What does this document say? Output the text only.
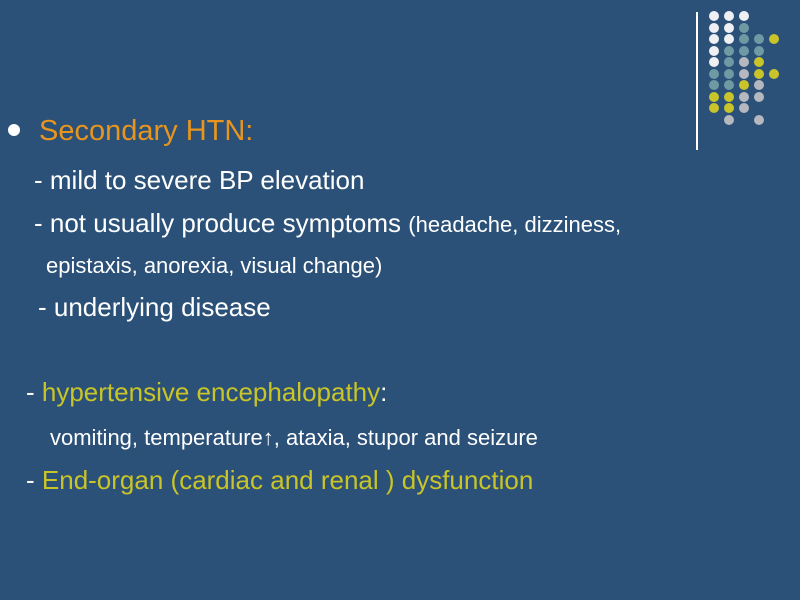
Secondary HTN:
- mild to severe BP elevation
- not usually produce symptoms (headache, dizziness,
epistaxis, anorexia, visual change)
- underlying disease
- hypertensive encephalopathy:
vomiting, temperature↑, ataxia, stupor and seizure
- End-organ (cardiac and renal ) dysfunction
